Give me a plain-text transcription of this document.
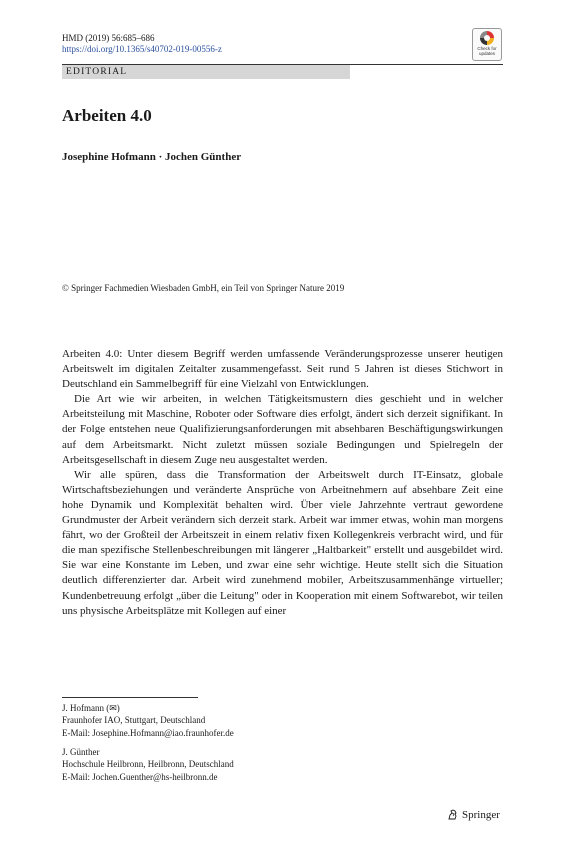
HMD (2019) 56:685–686
https://doi.org/10.1365/s40702-019-00556-z	Check for
updates
EDITORIAL
Arbeiten 4.0
Josephine Hofmann · Jochen Günther
© Springer Fachmedien Wiesbaden GmbH, ein Teil von Springer Nature 2019

Arbeiten 4.0: Unter diesem Begriff werden umfassende Veränderungsprozesse unserer heutigen Arbeitswelt im digitalen Zeitalter zusammengefasst. Seit rund 5 Jahren ist dieses Stichwort in Deutschland ein Sammelbegriff für eine Vielzahl von Entwicklungen.

Die Art wie wir arbeiten, in welchen Tätigkeitsmustern dies geschieht und in welcher Arbeitsteilung mit Maschine, Roboter oder Software dies erfolgt, ändert sich derzeit signifikant. In der Folge entstehen neue Qualifizierungsanforderungen mit absehbaren Beschäftigungswirkungen auf dem Arbeitsmarkt. Nicht zuletzt müssen soziale Bedingungen und Spielregeln der Arbeitsgesellschaft in diesem Zuge neu ausgestaltet werden.

Wir alle spüren, dass die Transformation der Arbeitswelt durch IT-Einsatz, globale Wirtschaftsbeziehungen und veränderte Ansprüche von Arbeitnehmern auf absehbare Zeit eine hohe Dynamik und Komplexität behalten wird. Über viele Jahrzehnte vertraut gewordene Grundmuster der Arbeit verändern sich derzeit stark. Arbeit war immer etwas, wohin man morgens fährt, wo der Großteil der Arbeitszeit in einem relativ fixen Kollegenkreis verbracht wird, und für die man spezifische Stellenbeschreibungen mit längerer „Haltbarkeit" erstellt und ausgebildet wird. Sie war eine Konstante im Leben, und zwar eine sehr wichtige. Heute stellt sich die Situation deutlich differenzierter dar. Arbeit wird zunehmend mobiler, Arbeitszusammenhänge virtueller; Kundenbetreuung erfolgt „über die Leitung" oder in Kooperation mit einem Softwarebot, wir teilen uns physische Arbeitsplätze mit Kollegen auf einer

J. Hofmann (✉)
Fraunhofer IAO, Stuttgart, Deutschland
E-Mail: Josephine.Hofmann@iao.fraunhofer.de
J. Günther
Hochschule Heilbronn, Heilbronn, Deutschland
E-Mail: Jochen.Guenther@hs-heilbronn.de
Springer
